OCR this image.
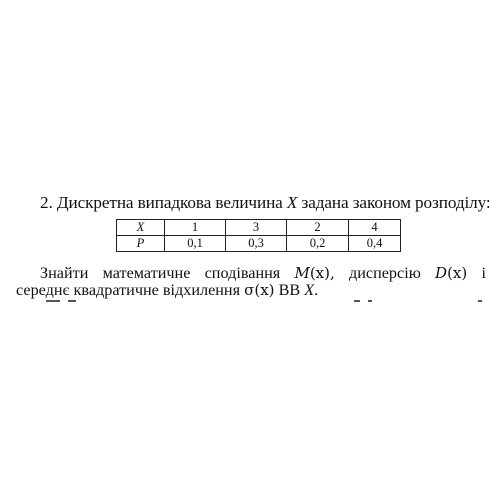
2. Дискретна випадкова величина X задана законом розподілу:
X	1	3	2	4
P	0,1	0,3	0,2	0,4
Знайти математичне сподівання M(x), дисперсію D(x) і
середнє квадратичне відхилення σ(x) ВВ X.
